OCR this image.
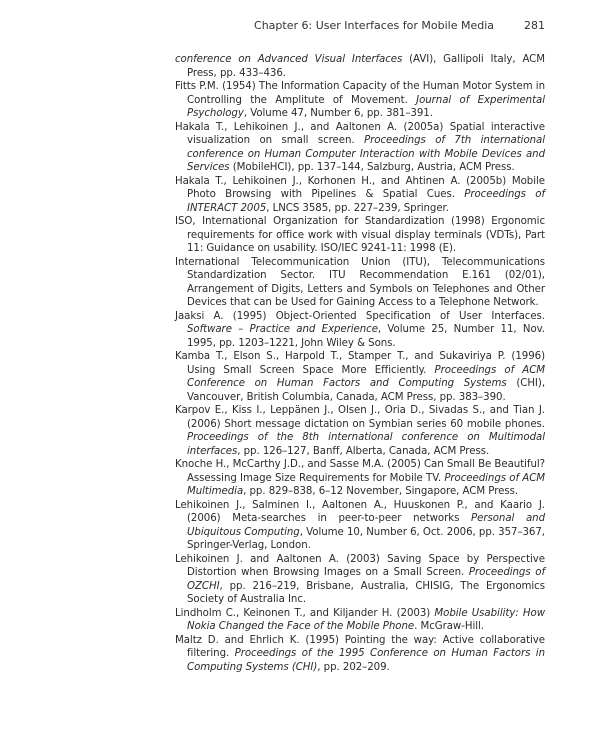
Chapter 6: User Interfaces for Mobile Media	281
conference on Advanced Visual Interfaces (AVI), Gallipoli Italy, ACM Press, pp. 433–436.
Fitts P.M. (1954) The Information Capacity of the Human Motor System in Controlling the Amplitute of Movement. Journal of Experimental Psychology, Volume 47, Number 6, pp. 381–391.
Hakala T., Lehikoinen J., and Aaltonen A. (2005a) Spatial interactive visualization on small screen. Proceedings of 7th international conference on Human Computer Interaction with Mobile Devices and Services (MobileHCI), pp. 137–144, Salzburg, Austria, ACM Press.
Hakala T., Lehikoinen J., Korhonen H., and Ahtinen A. (2005b) Mobile Photo Browsing with Pipelines & Spatial Cues. Proceedings of INTERACT 2005, LNCS 3585, pp. 227–239, Springer.
ISO, International Organization for Standardization (1998) Ergonomic requirements for office work with visual display terminals (VDTs), Part 11: Guidance on usability. ISO/IEC 9241-11: 1998 (E).
International Telecommunication Union (ITU), Telecommunications Standardization Sector. ITU Recommendation E.161 (02/01), Arrangement of Digits, Letters and Symbols on Telephones and Other Devices that can be Used for Gaining Access to a Telephone Network.
Jaaksi A. (1995) Object-Oriented Specification of User Interfaces. Software – Practice and Experience, Volume 25, Number 11, Nov. 1995, pp. 1203–1221, John Wiley & Sons.
Kamba T., Elson S., Harpold T., Stamper T., and Sukaviriya P. (1996) Using Small Screen Space More Efficiently. Proceedings of ACM Conference on Human Factors and Computing Systems (CHI), Vancouver, British Columbia, Canada, ACM Press, pp. 383–390.
Karpov E., Kiss I., Leppänen J., Olsen J., Oria D., Sivadas S., and Tian J. (2006) Short message dictation on Symbian series 60 mobile phones. Proceedings of the 8th international conference on Multimodal interfaces, pp. 126–127, Banff, Alberta, Canada, ACM Press.
Knoche H., McCarthy J.D., and Sasse M.A. (2005) Can Small Be Beautiful? Assessing Image Size Requirements for Mobile TV. Proceedings of ACM Multimedia, pp. 829–838, 6–12 November, Singapore, ACM Press.
Lehikoinen J., Salminen I., Aaltonen A., Huuskonen P., and Kaario J. (2006) Meta-searches in peer-to-peer networks Personal and Ubiquitous Computing, Volume 10, Number 6, Oct. 2006, pp. 357–367, Springer-Verlag, London.
Lehikoinen J. and Aaltonen A. (2003) Saving Space by Perspective Distortion when Browsing Images on a Small Screen. Proceedings of OZCHI, pp. 216–219, Brisbane, Australia, CHISIG, The Ergonomics Society of Australia Inc.
Lindholm C., Keinonen T., and Kiljander H. (2003) Mobile Usability: How Nokia Changed the Face of the Mobile Phone. McGraw-Hill.
Maltz D. and Ehrlich K. (1995) Pointing the way: Active collaborative filtering. Proceedings of the 1995 Conference on Human Factors in Computing Systems (CHI), pp. 202–209.
